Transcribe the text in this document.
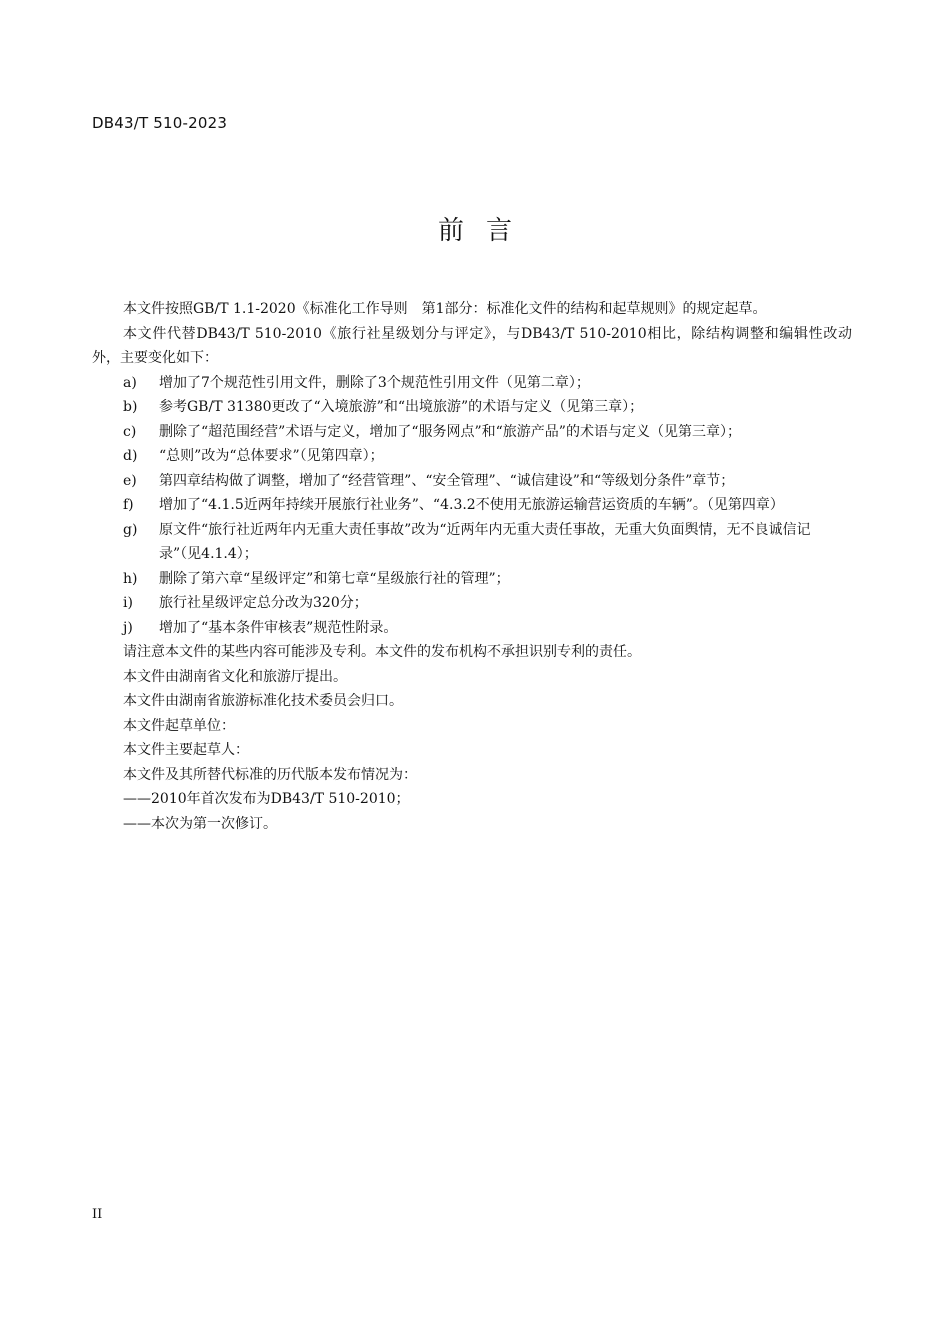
DB43/T 510-2023
前言

本文件按照GB/T 1.1-2020《标准化工作导则　第1部分：标准化文件的结构和起草规则》的规定起草。

本文件代替DB43/T 510-2010《旅行社星级划分与评定》，与DB43/T 510-2010相比，除结构调整和编辑性改动外，主要变化如下：

a)	增加了7个规范性引用文件，删除了3个规范性引用文件（见第二章）；
b)	参考GB/T 31380更改了“入境旅游”和“出境旅游”的术语与定义（见第三章）；
c)	删除了“超范围经营”术语与定义，增加了“服务网点”和“旅游产品”的术语与定义（见第三章）；
d)	“总则”改为“总体要求”（见第四章）；
e)	第四章结构做了调整，增加了“经营管理”、“安全管理”、“诚信建设”和“等级划分条件”章节；
f)	增加了“4.1.5近两年持续开展旅行社业务”、“4.3.2不使用无旅游运输营运资质的车辆”。（见第四章）
g)	原文件“旅行社近两年内无重大责任事故”改为“近两年内无重大责任事故，无重大负面舆情，无不良诚信记录”（见4.1.4）；
h)	删除了第六章“星级评定”和第七章“星级旅行社的管理”；
i)	旅行社星级评定总分改为320分；
j)	增加了“基本条件审核表”规范性附录。

请注意本文件的某些内容可能涉及专利。本文件的发布机构不承担识别专利的责任。

本文件由湖南省文化和旅游厅提出。

本文件由湖南省旅游标准化技术委员会归口。

本文件起草单位：

本文件主要起草人：

本文件及其所替代标准的历代版本发布情况为：

——2010年首次发布为DB43/T 510-2010；

——本次为第一次修订。

II
